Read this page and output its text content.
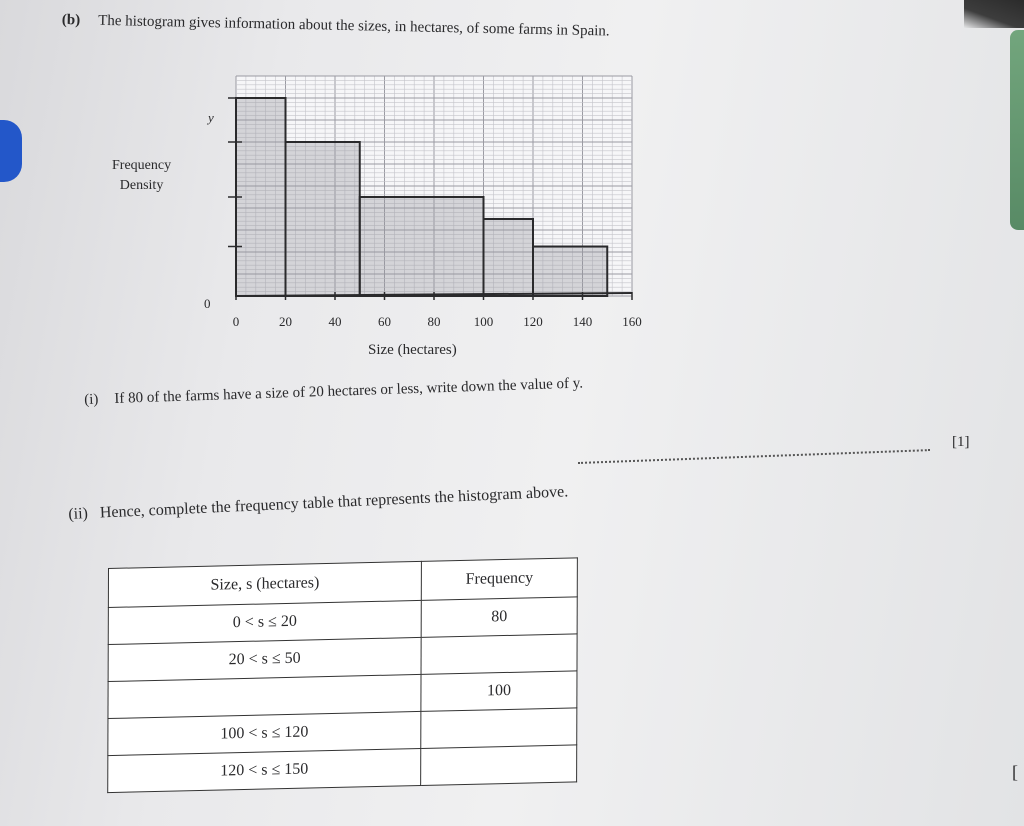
(b) The histogram gives information about the sizes, in hectares, of some farms in Spain.
Frequency
Density
y
0
0	20	40	60	80	100 120 140 160
Size (hectares)
(i) If 80 of the farms have a size of 20 hectares or less, write down the value of y.
[1]
(ii) Hence, complete the frequency table that represents the histogram above.
[
Size, s (hectares)	Frequency
0 < s ≤ 20	80
20 < s ≤ 50	
	100
100 < s ≤ 120	
120 < s ≤ 150	
